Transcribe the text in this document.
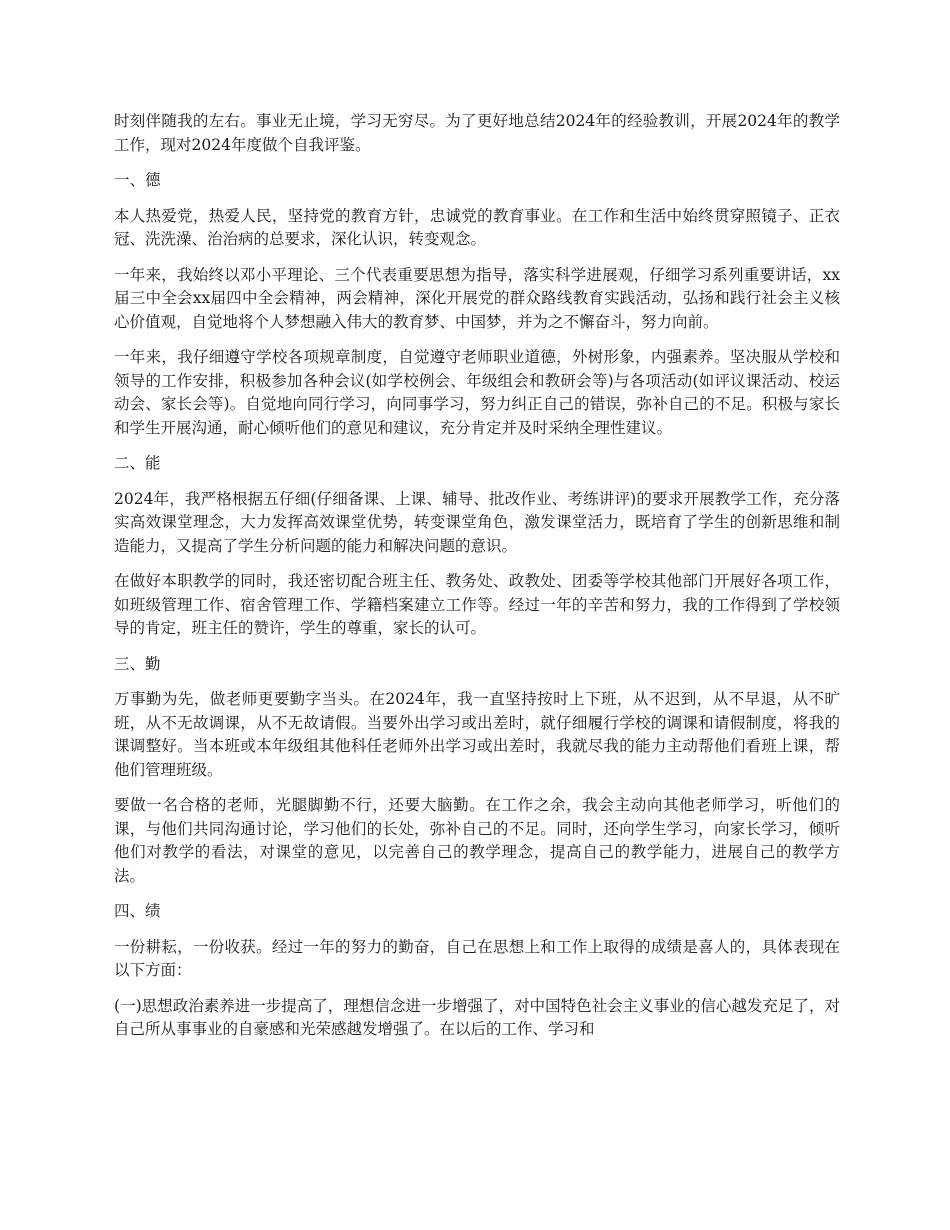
时刻伴随我的左右。事业无止境，学习无穷尽。为了更好地总结2024年的经验教训，开展2024年的教学工作，现对2024年度做个自我评鉴。

一、德

本人热爱党，热爱人民，坚持党的教育方针，忠诚党的教育事业。在工作和生活中始终贯穿照镜子、正衣冠、洗洗澡、治治病的总要求，深化认识，转变观念。

一年来，我始终以邓小平理论、三个代表重要思想为指导，落实科学进展观，仔细学习系列重要讲话，xx届三中全会xx届四中全会精神，两会精神，深化开展党的群众路线教育实践活动，弘扬和践行社会主义核心价值观，自觉地将个人梦想融入伟大的教育梦、中国梦，并为之不懈奋斗，努力向前。

一年来，我仔细遵守学校各项规章制度，自觉遵守老师职业道德，外树形象，内强素养。坚决服从学校和领导的工作安排，积极参加各种会议(如学校例会、年级组会和教研会等)与各项活动(如评议课活动、校运动会、家长会等)。自觉地向同行学习，向同事学习，努力纠正自己的错误，弥补自己的不足。积极与家长和学生开展沟通，耐心倾听他们的意见和建议，充分肯定并及时采纳全理性建议。

二、能

2024年，我严格根据五仔细(仔细备课、上课、辅导、批改作业、考练讲评)的要求开展教学工作，充分落实高效课堂理念，大力发挥高效课堂优势，转变课堂角色，激发课堂活力，既培育了学生的创新思维和制造能力，又提高了学生分析问题的能力和解决问题的意识。

在做好本职教学的同时，我还密切配合班主任、教务处、政教处、团委等学校其他部门开展好各项工作，如班级管理工作、宿舍管理工作、学籍档案建立工作等。经过一年的辛苦和努力，我的工作得到了学校领导的肯定，班主任的赞许，学生的尊重，家长的认可。

三、勤

万事勤为先，做老师更要勤字当头。在2024年，我一直坚持按时上下班，从不迟到，从不早退，从不旷班，从不无故调课，从不无故请假。当要外出学习或出差时，就仔细履行学校的调课和请假制度，将我的课调整好。当本班或本年级组其他科任老师外出学习或出差时，我就尽我的能力主动帮他们看班上课，帮他们管理班级。

要做一名合格的老师，光腿脚勤不行，还要大脑勤。在工作之余，我会主动向其他老师学习，听他们的课，与他们共同沟通讨论，学习他们的长处，弥补自己的不足。同时，还向学生学习，向家长学习，倾听他们对教学的看法，对课堂的意见，以完善自己的教学理念，提高自己的教学能力，进展自己的教学方法。

四、绩

一份耕耘，一份收获。经过一年的努力的勤奋，自己在思想上和工作上取得的成绩是喜人的，具体表现在以下方面：

(一)思想政治素养进一步提高了，理想信念进一步增强了，对中国特色社会主义事业的信心越发充足了，对自己所从事事业的自豪感和光荣感越发增强了。在以后的工作、学习和
